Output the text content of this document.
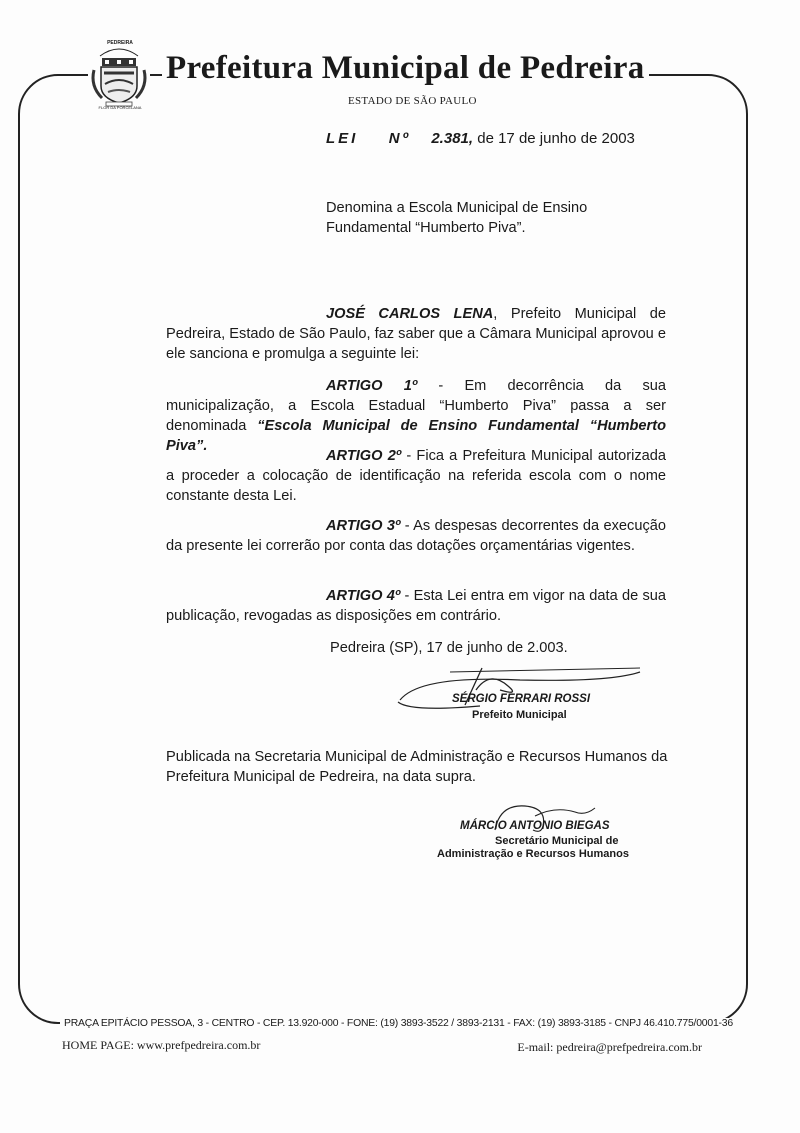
PEDREIRA
FLOR DA PORCELANA
Prefeitura Municipal de Pedreira
ESTADO DE SÃO PAULO
LEI Nº 2.381, de 17 de junho de 2003
Denomina a Escola Municipal de Ensino Fundamental “Humberto Piva”.
JOSÉ CARLOS LENA, Prefeito Municipal de Pedreira, Estado de São Paulo, faz saber que a Câmara Municipal aprovou e ele sanciona e promulga a seguinte lei:
ARTIGO 1º - Em decorrência da sua municipalização, a Escola Estadual “Humberto Piva” passa a ser denominada “Escola Municipal de Ensino Fundamental “Humberto Piva”.
ARTIGO 2º - Fica a Prefeitura Municipal autorizada a proceder a colocação de identificação na referida escola com o nome constante desta Lei.
ARTIGO 3º - As despesas decorrentes da execução da presente lei correrão por conta das dotações orçamentárias vigentes.
ARTIGO 4º - Esta Lei entra em vigor na data de sua publicação, revogadas as disposições em contrário.
Pedreira (SP), 17 de junho de 2.003.
SÉRGIO FERRARI ROSSI
Prefeito Municipal
Publicada na Secretaria Municipal de Administração e Recursos Humanos da Prefeitura Municipal de Pedreira, na data supra.
MÁRCIO ANTONIO BIEGAS
Secretário Municipal de
Administração e Recursos Humanos
PRAÇA EPITÁCIO PESSOA, 3 - CENTRO - CEP. 13.920-000 - FONE: (19) 3893-3522 / 3893-2131 - FAX: (19) 3893-3185 - CNPJ 46.410.775/0001-36
HOME PAGE: www.prefpedreira.com.br	E-mail: pedreira@prefpedreira.com.br
